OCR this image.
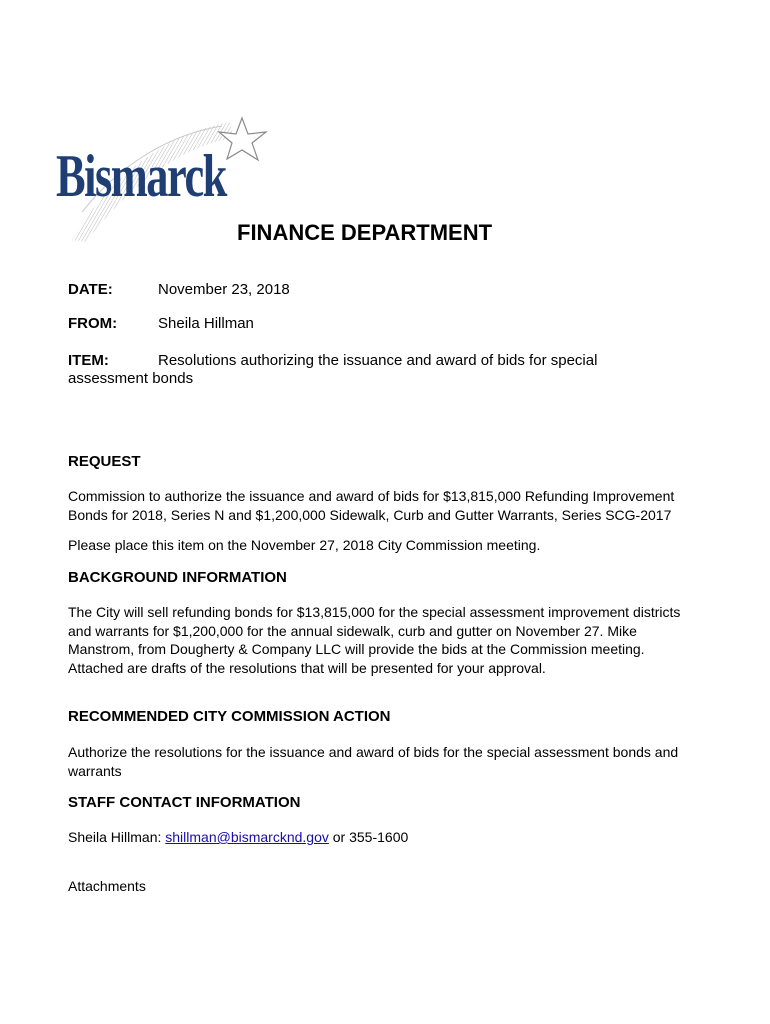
Bismarck
FINANCE DEPARTMENT
DATE:	November 23, 2018
FROM:	Sheila Hillman
ITEM:	Resolutions authorizing the issuance and award of bids for special
assessment bonds
REQUEST
Commission to authorize the issuance and award of bids for $13,815,000 Refunding Improvement
Bonds for 2018, Series N and $1,200,000 Sidewalk, Curb and Gutter Warrants, Series SCG-2017
Please place this item on the November 27, 2018 City Commission meeting.
BACKGROUND INFORMATION
The City will sell refunding bonds for $13,815,000 for the special assessment improvement districts
and warrants for $1,200,000 for the annual sidewalk, curb and gutter on November 27. Mike
Manstrom, from Dougherty & Company LLC will provide the bids at the Commission meeting.
Attached are drafts of the resolutions that will be presented for your approval.
RECOMMENDED CITY COMMISSION ACTION
Authorize the resolutions for the issuance and award of bids for the special assessment bonds and
warrants
STAFF CONTACT INFORMATION
Sheila Hillman: shillman@bismarcknd.gov or 355-1600
Attachments
